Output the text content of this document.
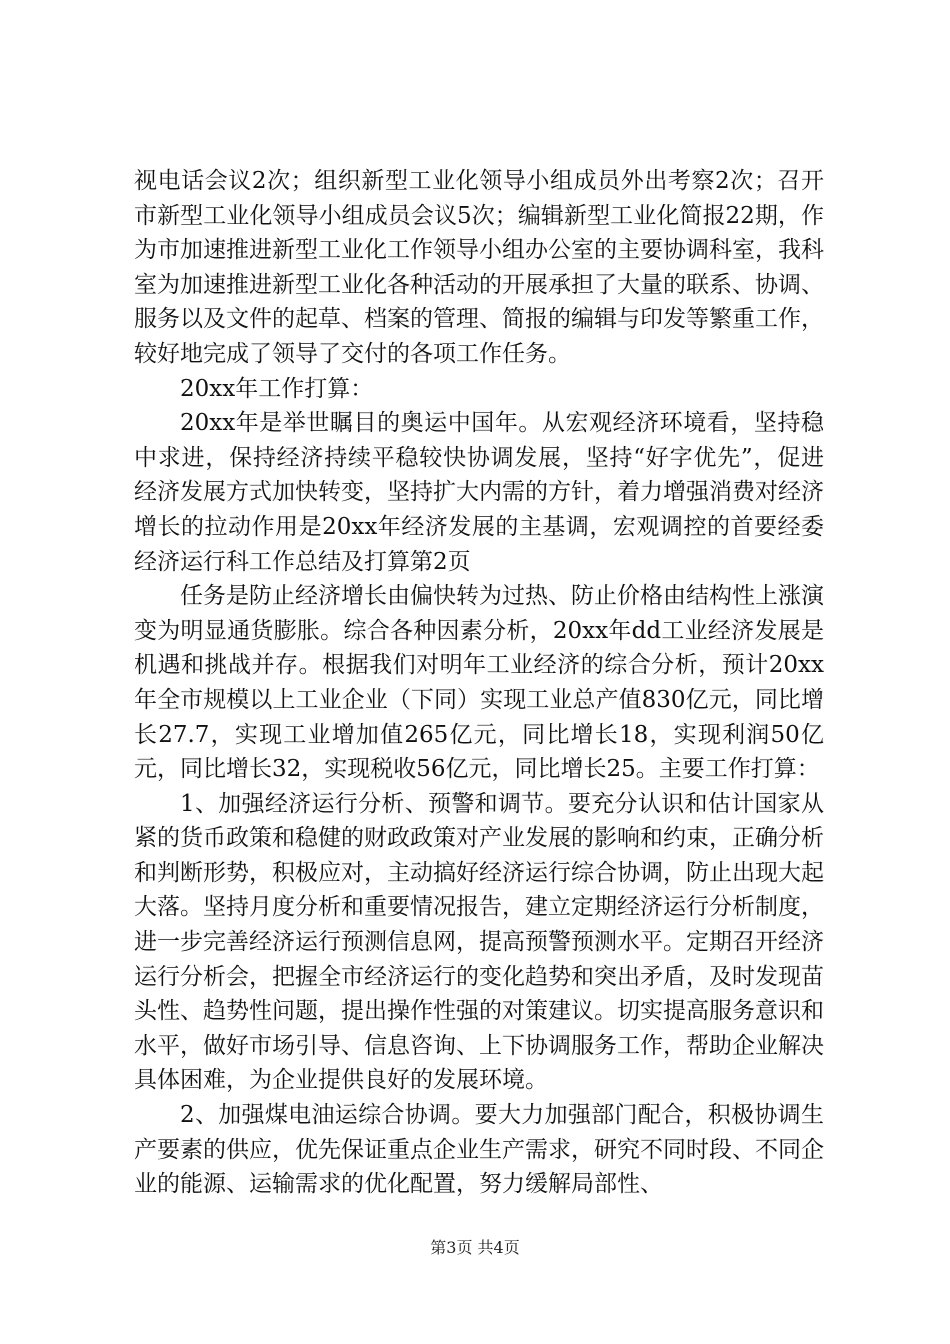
视电话会议2次；组织新型工业化领导小组成员外出考察2次；召开市新型工业化领导小组成员会议5次；编辑新型工业化简报22期，作为市加速推进新型工业化工作领导小组办公室的主要协调科室，我科室为加速推进新型工业化各种活动的开展承担了大量的联系、协调、服务以及文件的起草、档案的管理、简报的编辑与印发等繁重工作，较好地完成了领导了交付的各项工作任务。

20xx年工作打算：

20xx年是举世瞩目的奥运中国年。从宏观经济环境看，坚持稳中求进，保持经济持续平稳较快协调发展，坚持“好字优先”，促进经济发展方式加快转变，坚持扩大内需的方针，着力增强消费对经济增长的拉动作用是20xx年经济发展的主基调，宏观调控的首要经委经济运行科工作总结及打算第2页

任务是防止经济增长由偏快转为过热、防止价格由结构性上涨演变为明显通货膨胀。综合各种因素分析，20xx年dd工业经济发展是机遇和挑战并存。根据我们对明年工业经济的综合分析，预计20xx年全市规模以上工业企业（下同）实现工业总产值830亿元，同比增长27.7，实现工业增加值265亿元，同比增长18，实现利润50亿元，同比增长32，实现税收56亿元，同比增长25。主要工作打算：

1、加强经济运行分析、预警和调节。要充分认识和估计国家从紧的货币政策和稳健的财政政策对产业发展的影响和约束，正确分析和判断形势，积极应对，主动搞好经济运行综合协调，防止出现大起大落。坚持月度分析和重要情况报告，建立定期经济运行分析制度，进一步完善经济运行预测信息网，提高预警预测水平。定期召开经济运行分析会，把握全市经济运行的变化趋势和突出矛盾，及时发现苗头性、趋势性问题，提出操作性强的对策建议。切实提高服务意识和水平，做好市场引导、信息咨询、上下协调服务工作，帮助企业解决具体困难，为企业提供良好的发展环境。

2、加强煤电油运综合协调。要大力加强部门配合，积极协调生产要素的供应，优先保证重点企业生产需求，研究不同时段、不同企业的能源、运输需求的优化配置，努力缓解局部性、

第3页 共4页
